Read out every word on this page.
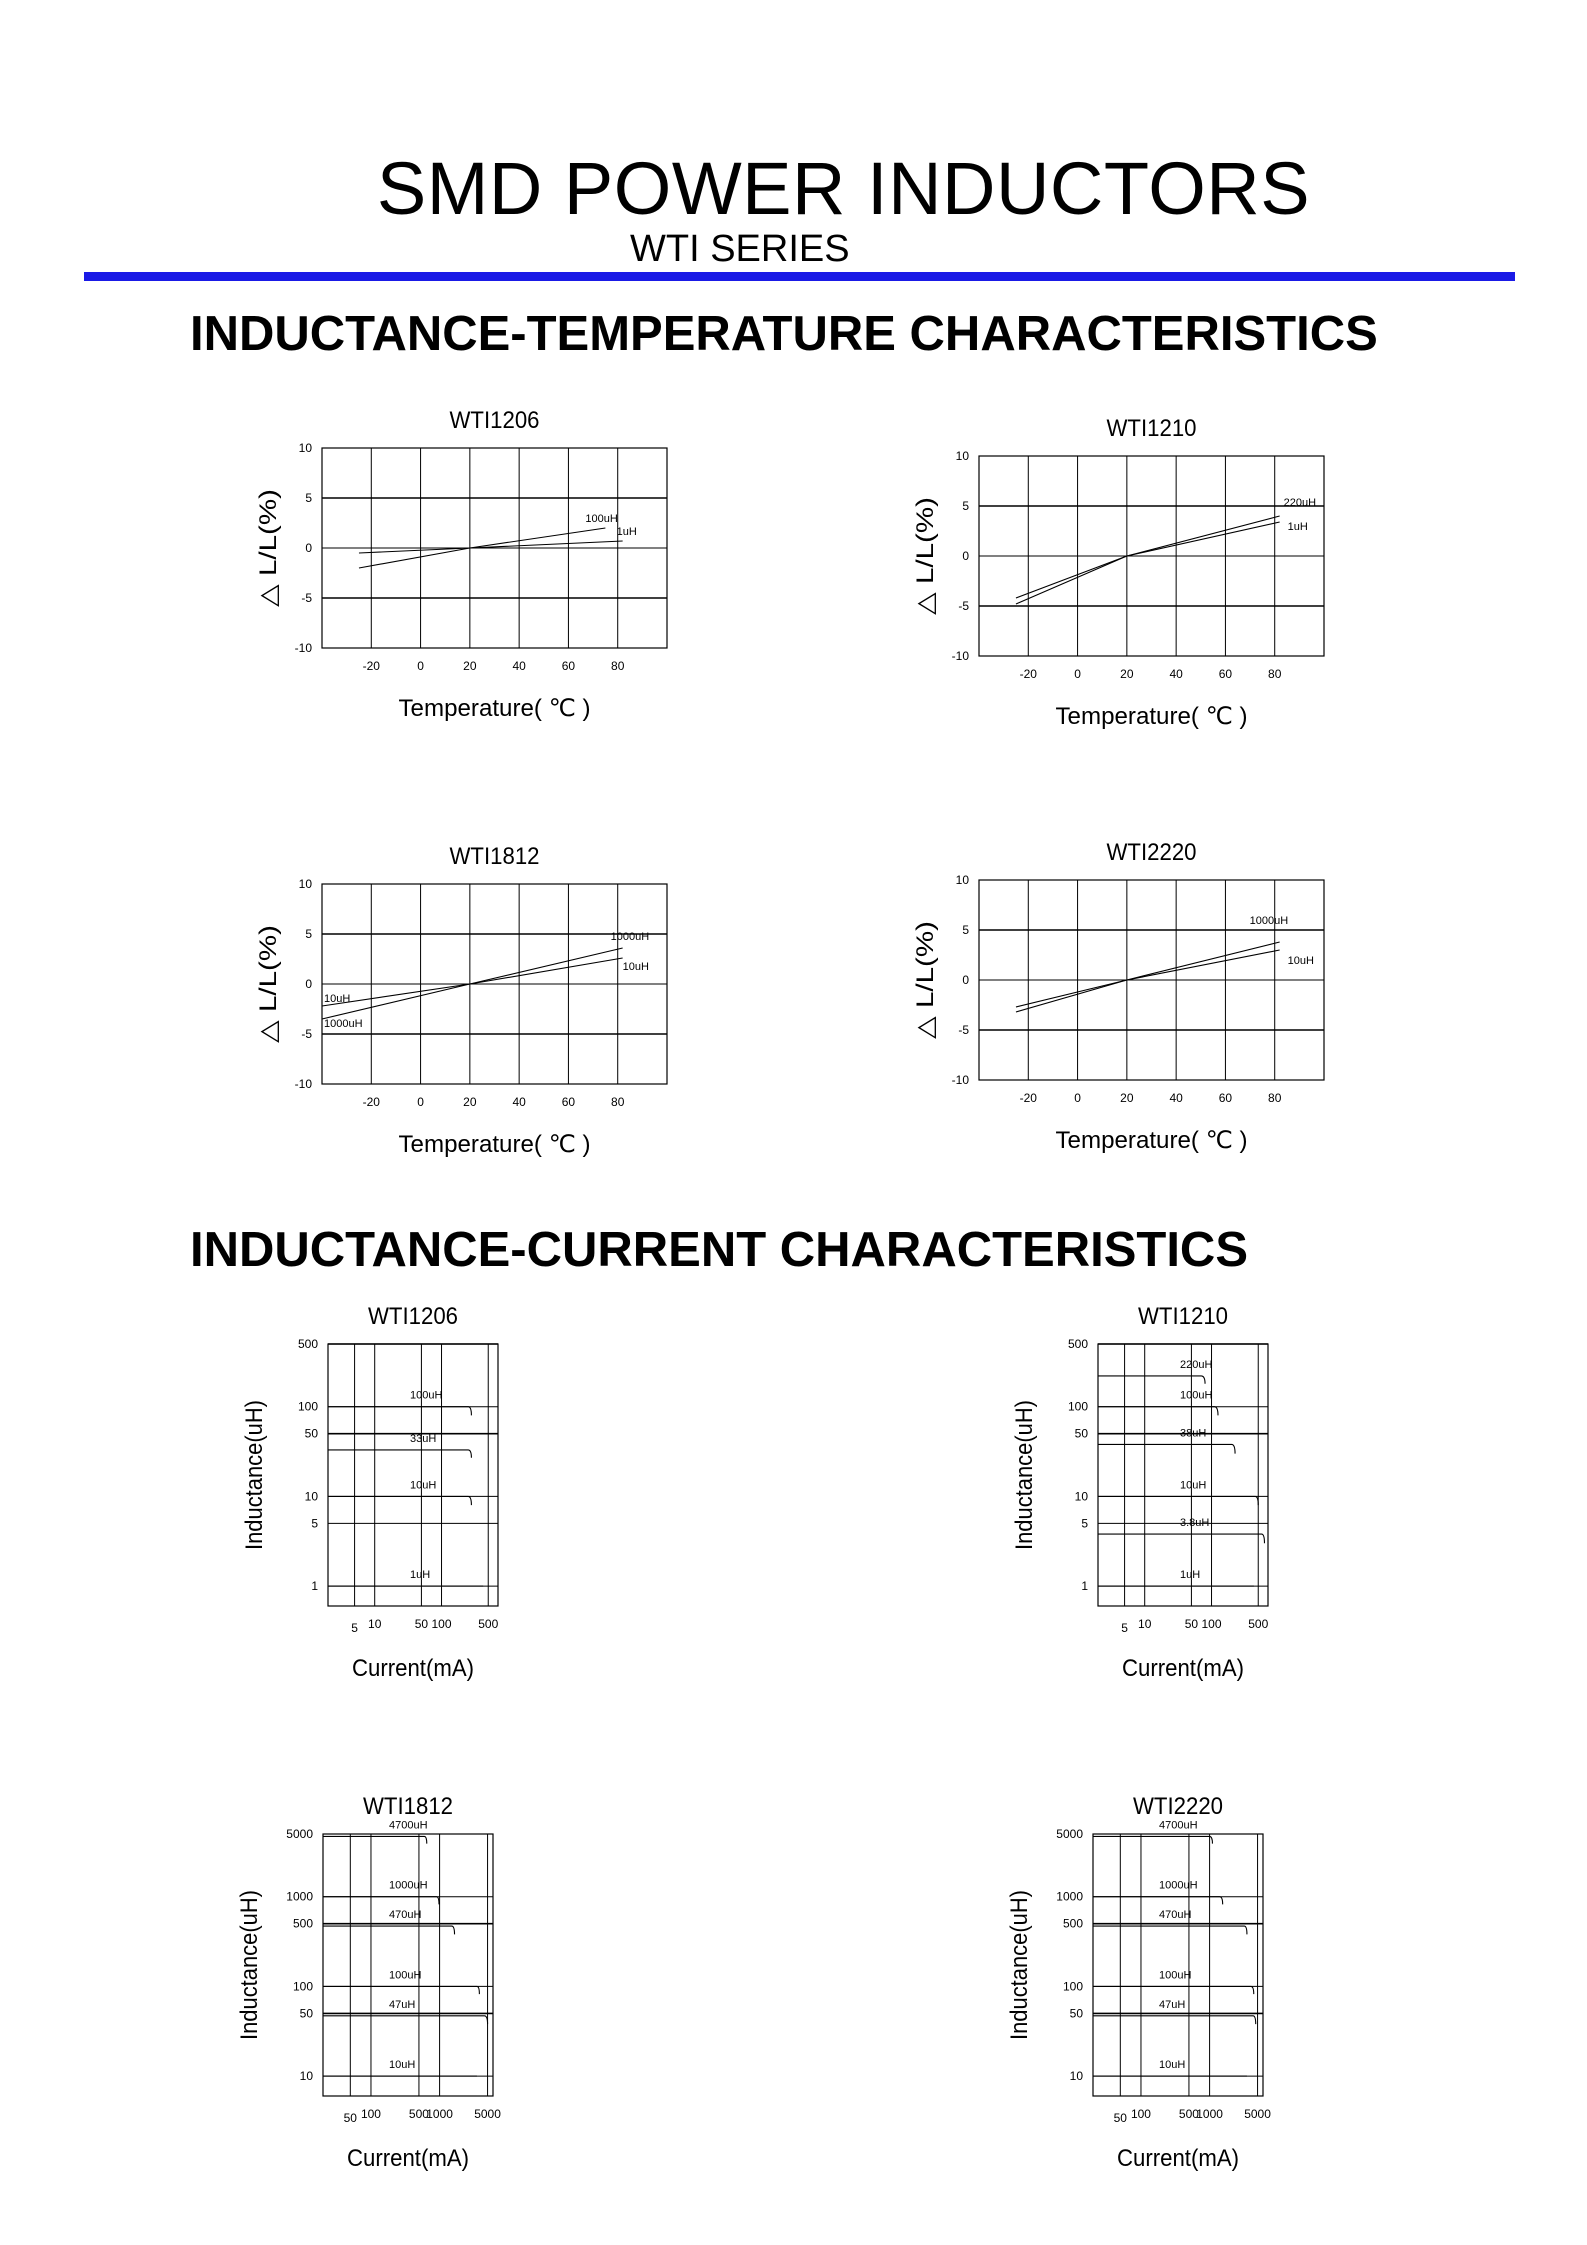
SMD POWER INDUCTORS
WTI SERIES
INDUCTANCE-TEMPERATURE CHARACTERISTICS
INDUCTANCE-CURRENT CHARACTERISTICS
WTI1206
-20	0	20	40	60	80
-10
-5
0
5
10
Temperature( ℃ )
△ L/L(%)	100uH
1uH
WTI1210
-20	0	20	40	60	80
-10
-5
0
5
10
Temperature( ℃ )
△ L/L(%)
220uH
1uH
WTI1812
-20	0	20	40	60	80
-10
-5
0
5
10
Temperature( ℃ )
△ L/L(%)	1000uH
1000uH
10uH
10uH
WTI2220
-20	0	20	40	60	80
-10
-5
0
5
10
Temperature( ℃ )
△ L/L(%)
1000uH
10uH
WTI1206
5 10	50 100 500
1
5
10
50
100
500
Current(mA)
Inductance(uH)	100uH
33uH
10uH
1uH
WTI1210
5 10	50 100 500
1
5
10
50
100
500
Current(mA)
Inductance(uH)
220uH
100uH
38uH
10uH
3.8uH
1uH
WTI1812
50 100 500
1000 5000
10
50
100
500
1000
5000
Current(mA)
Inductance(uH)
4700uH
1000uH
470uH
100uH
47uH
10uH
WTI2220
50 100 500
1000 5000
10
50
100
500
1000
5000
Current(mA)
Inductance(uH)
4700uH
1000uH
470uH
100uH
47uH
10uH
